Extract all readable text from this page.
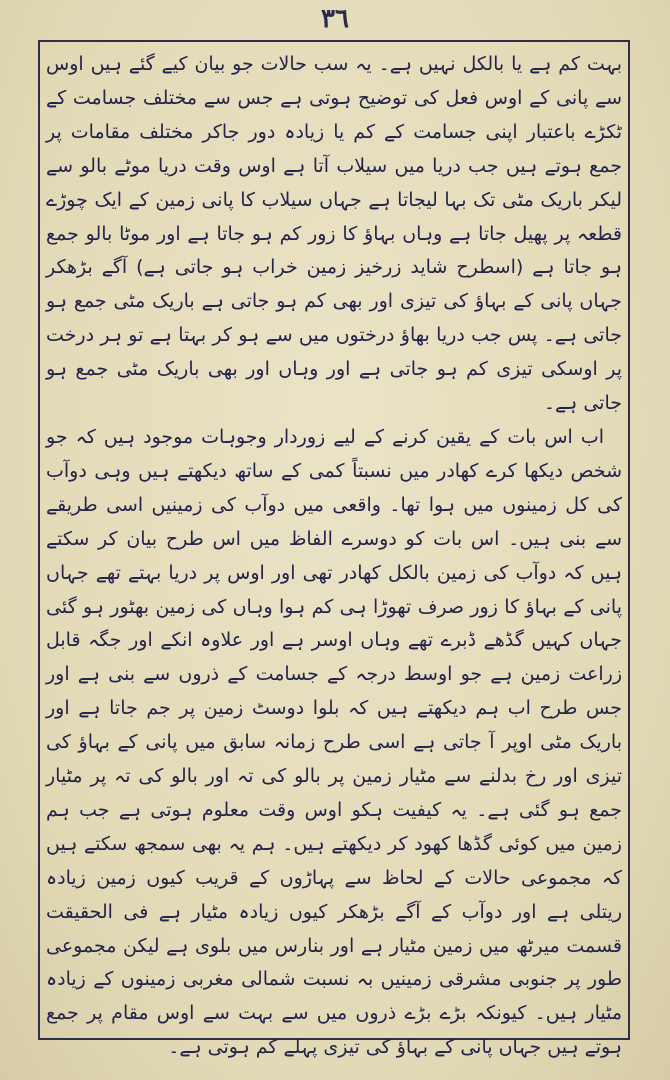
٣٦

بہت کم ہے یا بالکل نہیں ہے۔ یہ سب حالات جو بیان کیے گئے ہیں اوس سے پانی کے اوس فعل کی توضیح ہوتی ہے جس سے مختلف جسامت کے ٹکڑے باعتبار اپنی جسامت کے کم یا زیادہ دور جاکر مختلف مقامات پر جمع ہوتے ہیں جب دریا میں سیلاب آتا ہے اوس وقت دریا موٹے بالو سے لیکر باریک مٹی تک بہا لیجاتا ہے جہاں سیلاب کا پانی زمین کے ایک چوڑے قطعہ پر پھیل جاتا ہے وہاں بہاؤ کا زور کم ہو جاتا ہے اور موٹا بالو جمع ہو جاتا ہے (اسطرح شاید زرخیز زمین خراب ہو جاتی ہے) آگے بڑھکر جہاں پانی کے بہاؤ کی تیزی اور بھی کم ہو جاتی ہے باریک مٹی جمع ہو جاتی ہے۔ پس جب دریا بھاؤ درختوں میں سے ہو کر بہتا ہے تو ہر درخت پر اوسکی تیزی کم ہو جاتی ہے اور وہاں اور بھی باریک مٹی جمع ہو جاتی ہے۔

اب اس بات کے یقین کرنے کے لیے زوردار وجوہات موجود ہیں کہ جو شخص دیکھا کرے کھادر میں نسبتاً کمی کے ساتھ دیکھتے ہیں وہی دوآب کی کل زمینوں میں ہوا تھا۔ واقعی میں دوآب کی زمینیں اسی طریقے سے بنی ہیں۔ اس بات کو دوسرے الفاظ میں اس طرح بیان کر سکتے ہیں کہ دوآب کی زمین بالکل کھادر تھی اور اوس پر دریا بہتے تھے جہاں پانی کے بہاؤ کا زور صرف تھوڑا ہی کم ہوا وہاں کی زمین بھٹور ہو گئی جہاں کہیں گڈھے ڈبرے تھے وہاں اوسر ہے اور علاوہ انکے اور جگہ قابل زراعت زمین ہے جو اوسط درجہ کے جسامت کے ذروں سے بنی ہے اور جس طرح اب ہم دیکھتے ہیں کہ بلوا دوسٹ زمین پر جم جاتا ہے اور باریک مٹی اوپر آ جاتی ہے اسی طرح زمانہ سابق میں پانی کے بہاؤ کی تیزی اور رخ بدلنے سے مٹیار زمین پر بالو کی تہ اور بالو کی تہ پر مٹیار جمع ہو گئی ہے۔ یہ کیفیت ہکو اوس وقت معلوم ہوتی ہے جب ہم زمین میں کوئی گڈھا کھود کر دیکھتے ہیں۔ ہم یہ بھی سمجھ سکتے ہیں کہ مجموعی حالات کے لحاظ سے پہاڑوں کے قریب کیوں زمین زیادہ ریتلی ہے اور دوآب کے آگے بڑھکر کیوں زیادہ مٹیار ہے فی الحقیقت قسمت میرٹھ میں زمین مٹیار ہے اور بنارس میں بلوی ہے لیکن مجموعی طور پر جنوبی مشرقی زمینیں بہ نسبت شمالی مغربی زمینوں کے زیادہ مٹیار ہیں۔ کیونکہ بڑے بڑے ذروں میں سے بہت سے اوس مقام پر جمع ہوتے ہیں جہاں پانی کے بہاؤ کی تیزی پہلے کم ہوتی ہے۔
